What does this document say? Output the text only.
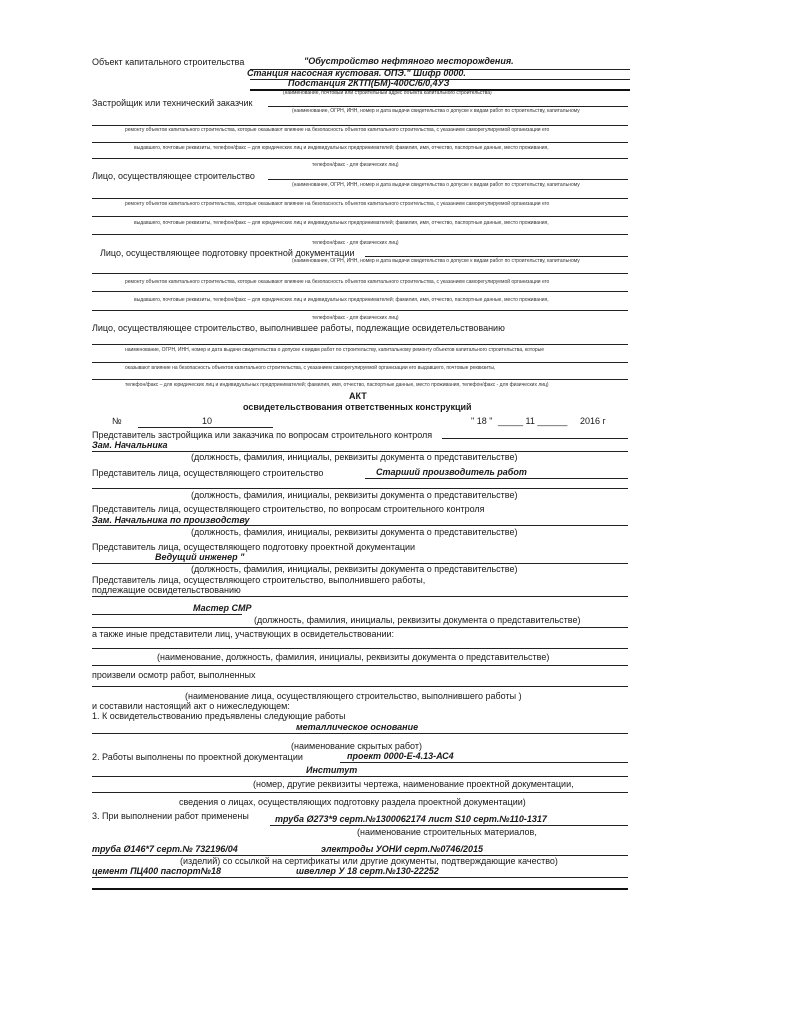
Объект капитального строительства	"Обустройство нефтяного месторождения.
Станция насосная кустовая. ОПЭ." Шифр 0000.
Подстанция 2КТП(БМ)-400С/6/0,4УЗ
(наименование, почтовый или строительный адрес объекта капитального строительства)
Застройщик или технический заказчик
(наименование, ОГРН, ИНН, номер и дата выдачи свидетельства о допуске к видам работ по строительству, капитальному
ремонту объектов капитального строительства, которые оказывают влияние на безопасность объектов капитального строительства, с указанием саморегулируемой организации его
выдавшего, почтовые реквизиты, телефон/факс – для юридических лиц и индивидуальных предпринимателей; фамилия, имя, отчество, паспортные данные, место проживания,
телефон/факс - для физических лиц)
Лицо, осуществляющее строительство
(наименование, ОГРН, ИНН, номер и дата выдачи свидетельства о допуске к видам работ по строительству, капитальному
ремонту объектов капитального строительства, которые оказывают влияние на безопасность объектов капитального строительства, с указанием саморегулируемой организации его
выдавшего, почтовые реквизиты, телефон/факс – для юридических лиц и индивидуальных предпринимателей; фамилия, имя, отчество, паспортные данные, место проживания,
телефон/факс - для физических лиц)
Лицо, осуществляющее подготовку проектной документации
(наименование, ОГРН, ИНН, номер и дата выдачи свидетельства о допуске к видам работ по строительству, капитальному
ремонту объектов капитального строительства, которые оказывают влияние на безопасность объектов капитального строительства, с указанием саморегулируемой организации его
выдавшего, почтовые реквизиты, телефон/факс – для юридических лиц и индивидуальных предпринимателей; фамилия, имя, отчество, паспортные данные, место проживания,
телефон/факс - для физических лиц)
Лицо, осуществляющее строительство, выполнившее работы, подлежащие освидетельствованию
наименование, ОГРН, ИНН, номер и дата выдачи свидетельства о допуске к видам работ по строительству, капитальному ремонту объектов капитального строительства, которые
оказывают влияние на безопасность объектов капитального строительства, с указанием саморегулируемой организации его выдавшего, почтовые реквизиты,
телефон/факс – для юридических лиц и индивидуальных предпринимателей; фамилия, имя, отчество, паспортные данные, место проживания, телефон/факс - для физических лиц)
АКТ
освидетельствования ответственных конструкций
№	10	" 18 " _____ 11 ______ 2016 г
Представитель застройщика или заказчика по вопросам строительного контроля
Зам. Начальника
(должность, фамилия, инициалы, реквизиты документа о представительстве)
Представитель лица, осуществляющего строительство	Старший производитель работ
(должность, фамилия, инициалы, реквизиты документа о представительстве)
Представитель лица, осуществляющего строительство, по вопросам строительного контроля
Зам. Начальника по производству
(должность, фамилия, инициалы, реквизиты документа о представительстве)
Представитель лица, осуществляющего подготовку проектной документации
Ведущий инженер "
(должность, фамилия, инициалы, реквизиты документа о представительстве)
Представитель лица, осуществляющего строительство, выполнившего работы,
подлежащие освидетельствованию
Мастер СМР
(должность, фамилия, инициалы, реквизиты документа о представительстве)
а также иные представители лиц, участвующих в освидетельствовании:
(наименование, должность, фамилия, инициалы, реквизиты документа о представительстве)
произвели осмотр работ, выполненных
(наименование лица, осуществляющего строительство, выполнившего работы )
и составили настоящий акт о нижеследующем:
1. К освидетельствованию предъявлены следующие работы
металлическое основание
(наименование скрытых работ)
2. Работы выполнены по проектной документации	проект 0000-Е-4.13-АС4
Институт
(номер, другие реквизиты чертежа, наименование проектной документации,
сведения о лицах, осуществляющих подготовку раздела проектной документации)
3. При выполнении работ применены	труба Ø273*9 серт.№1300062174 лист S10 серт.№110-1317
(наименование строительных материалов,
труба Ø146*7 серт.№ 732196/04	электроды УОНИ серт.№0746/2015
(изделий) со ссылкой на сертификаты или другие документы, подтверждающие качество)
цемент ПЦ400 паспорт№18	швеллер У 18 серт.№130-22252
